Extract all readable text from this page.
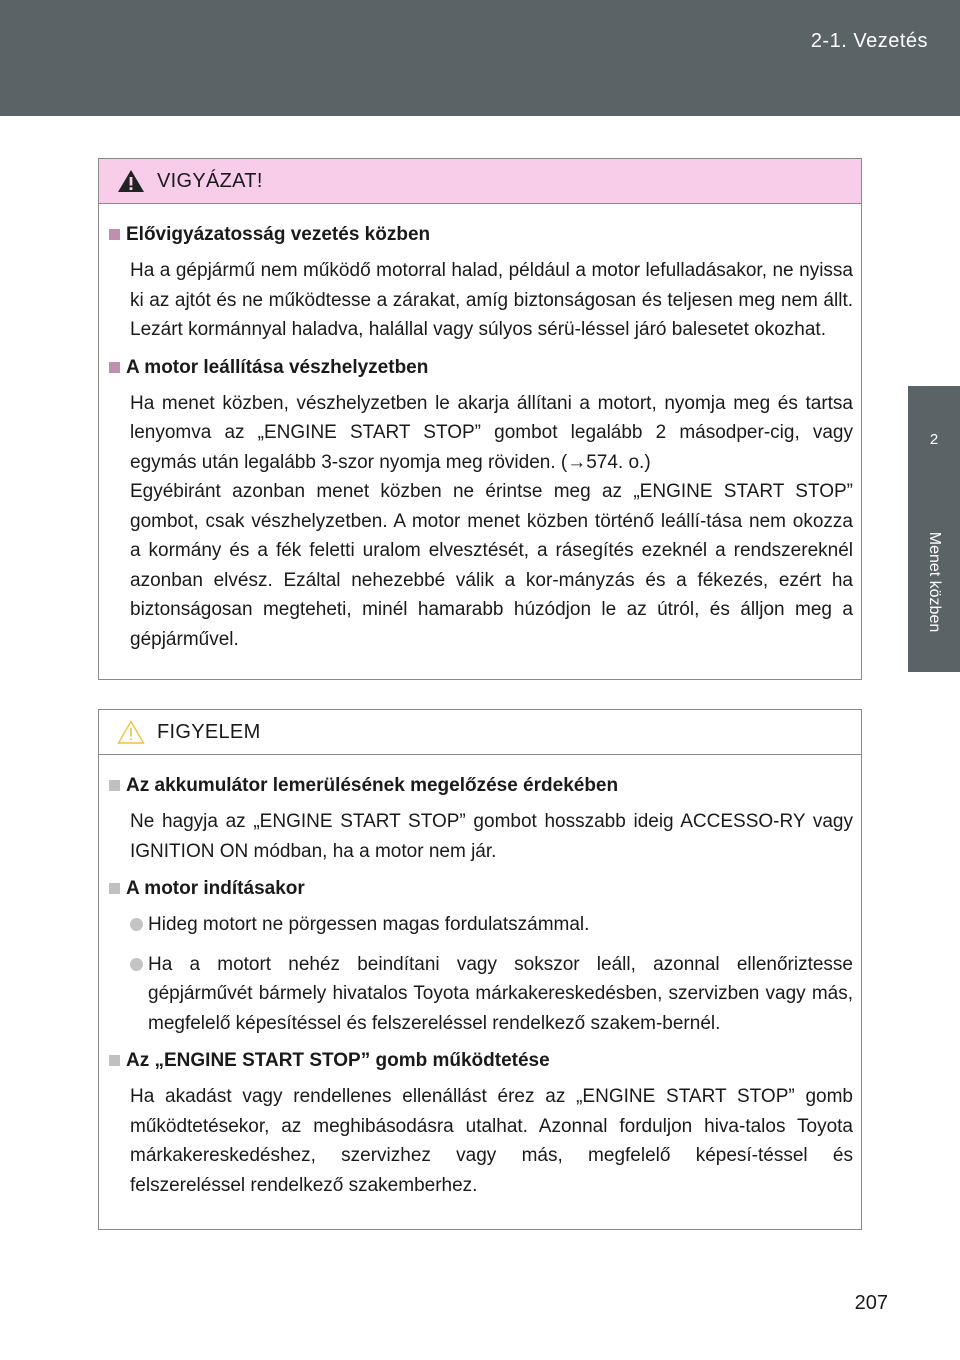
2-1. Vezetés
2
Menet közben
VIGYÁZAT!
Elővigyázatosság vezetés közben

Ha a gépjármű nem működő motorral halad, például a motor lefulladásakor, ne nyissa ki az ajtót és ne működtesse a zárakat, amíg biztonságosan és teljesen meg nem állt. Lezárt kormánnyal haladva, halállal vagy súlyos sérü-léssel járó balesetet okozhat.

A motor leállítása vészhelyzetben

Ha menet közben, vészhelyzetben le akarja állítani a motort, nyomja meg és tartsa lenyomva az „ENGINE START STOP” gombot legalább 2 másodper-cig, vagy egymás után legalább 3-szor nyomja meg röviden. (→574. o.)

Egyébiránt azonban menet közben ne érintse meg az „ENGINE START STOP” gombot, csak vészhelyzetben. A motor menet közben történő leállí-tása nem okozza a kormány és a fék feletti uralom elvesztését, a rásegítés ezeknél a rendszereknél azonban elvész. Ezáltal nehezebbé válik a kor-mányzás és a fékezés, ezért ha biztonságosan megteheti, minél hamarabb húzódjon le az útról, és álljon meg a gépjárművel.

FIGYELEM
Az akkumulátor lemerülésének megelőzése érdekében

Ne hagyja az „ENGINE START STOP” gombot hosszabb ideig ACCESSO-RY vagy IGNITION ON módban, ha a motor nem jár.

A motor indításakor
Hideg motort ne pörgessen magas fordulatszámmal.
Ha a motort nehéz beindítani vagy sokszor leáll, azonnal ellenőriztesse gépjárművét bármely hivatalos Toyota márkakereskedésben, szervizben vagy más, megfelelő képesítéssel és felszereléssel rendelkező szakem-bernél.
Az „ENGINE START STOP” gomb működtetése

Ha akadást vagy rendellenes ellenállást érez az „ENGINE START STOP” gomb működtetésekor, az meghibásodásra utalhat. Azonnal forduljon hiva-talos Toyota márkakereskedéshez, szervizhez vagy más, megfelelő képesí-téssel és felszereléssel rendelkező szakemberhez.

207
